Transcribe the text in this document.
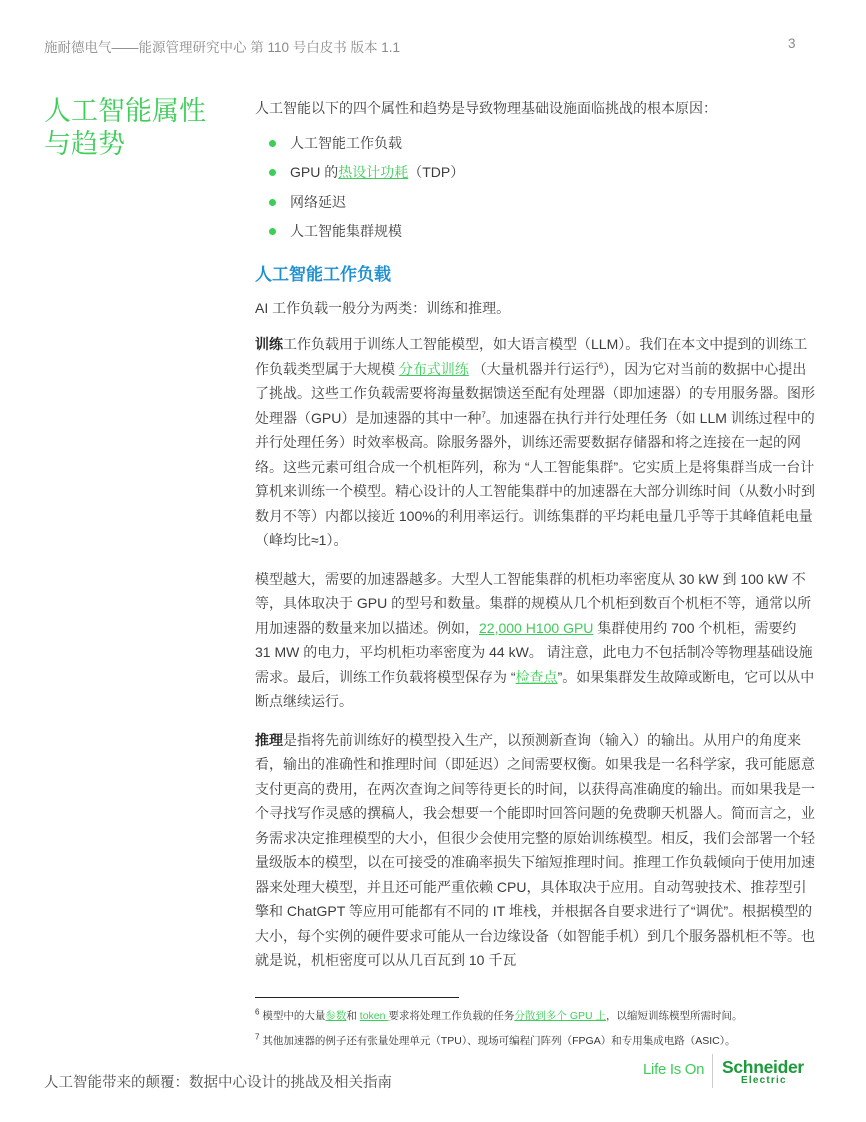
施耐德电气——能源管理研究中心 第 110 号白皮书 版本 1.1	3
人工智能属性
与趋势

人工智能以下的四个属性和趋势是导致物理基础设施面临挑战的根本原因：

人工智能工作负载
GPU 的热设计功耗（TDP）
网络延迟
人工智能集群规模
人工智能工作负载

AI 工作负载一般分为两类：训练和推理。

训练工作负载用于训练人工智能模型，如大语言模型（LLM）。我们在本文中提到的训练工作负载类型属于大规模 分布式训练 （大量机器并行运行$^6$），因为它对当前的数据中心提出了挑战。这些工作负载需要将海量数据馈送至配有处理器（即加速器）的专用服务器。图形处理器（GPU）是加速器的其中一种$^7$。加速器在执行并行处理任务（如 LLM 训练过程中的并行处理任务）时效率极高。除服务器外，训练还需要数据存储器和将之连接在一起的网络。这些元素可组合成一个机柜阵列，称为 “人工智能集群”。它实质上是将集群当成一台计算机来训练一个模型。精心设计的人工智能集群中的加速器在大部分训练时间（从数小时到数月不等）内都以接近 100%的利用率运行。训练集群的平均耗电量几乎等于其峰值耗电量（峰均比≈1）。

模型越大，需要的加速器越多。大型人工智能集群的机柜功率密度从 30 kW 到 100 kW 不等，具体取决于 GPU 的型号和数量。集群的规模从几个机柜到数百个机柜不等，通常以所用加速器的数量来加以描述。例如，22,000 H100 GPU 集群使用约 700 个机柜，需要约 31 MW 的电力，平均机柜功率密度为 44 kW。 请注意，此电力不包括制冷等物理基础设施需求。最后，训练工作负载将模型保存为 “检查点”。如果集群发生故障或断电，它可以从中断点继续运行。

推理是指将先前训练好的模型投入生产，以预测新查询（输入）的输出。从用户的角度来看，输出的准确性和推理时间（即延迟）之间需要权衡。如果我是一名科学家，我可能愿意支付更高的费用，在两次查询之间等待更长的时间，以获得高准确度的输出。而如果我是一个寻找写作灵感的撰稿人，我会想要一个能即时回答问题的免费聊天机器人。简而言之，业务需求决定推理模型的大小，但很少会使用完整的原始训练模型。相反，我们会部署一个轻量级版本的模型，以在可接受的准确率损失下缩短推理时间。推理工作负载倾向于使用加速器来处理大模型，并且还可能严重依赖 CPU，具体取决于应用。自动驾驶技术、推荐型引擎和 ChatGPT 等应用可能都有不同的 IT 堆栈，并根据各自要求进行了“调优”。根据模型的大小，每个实例的硬件要求可能从一台边缘设备（如智能手机）到几个服务器机柜不等。也就是说，机柜密度可以从几百瓦到 10 千瓦

$^6$ 模型中的大量参数和 token 要求将处理工作负载的任务分散到多个 GPU 上，以缩短训练模型所需时间。
$^7$ 其他加速器的例子还有张量处理单元（TPU）、现场可编程门阵列（FPGA）和专用集成电路（ASIC）。
人工智能带来的颠覆：数据中心设计的挑战及相关指南
Life Is On Schneider
Electric
